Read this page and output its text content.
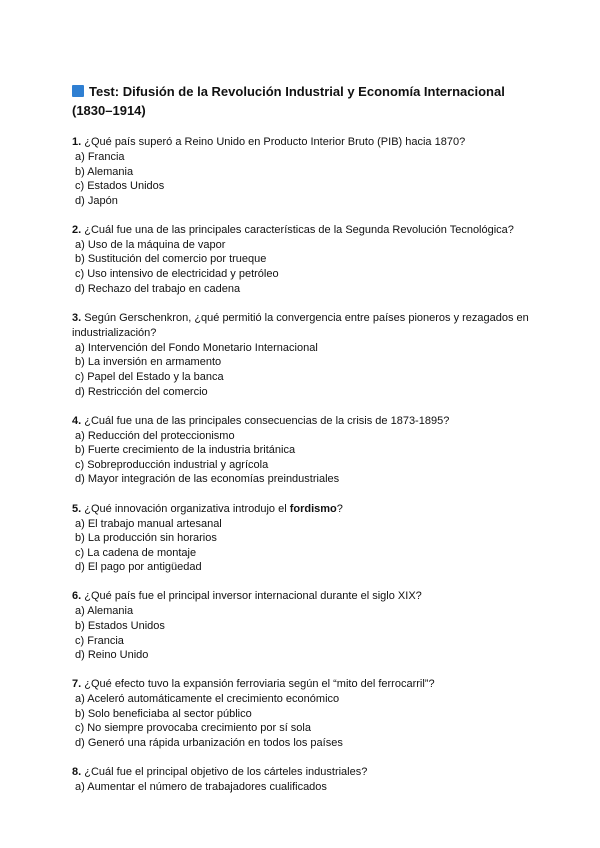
Test: Difusión de la Revolución Industrial y Economía Internacional
(1830–1914)

1. ¿Qué país superó a Reino Unido en Producto Interior Bruto (PIB) hacia 1870?

a) Francia
b) Alemania
c) Estados Unidos
d) Japón

2. ¿Cuál fue una de las principales características de la Segunda Revolución Tecnológica?

a) Uso de la máquina de vapor
b) Sustitución del comercio por trueque
c) Uso intensivo de electricidad y petróleo
d) Rechazo del trabajo en cadena

3. Según Gerschenkron, ¿qué permitió la convergencia entre países pioneros y rezagados en industrialización?

a) Intervención del Fondo Monetario Internacional
b) La inversión en armamento
c) Papel del Estado y la banca
d) Restricción del comercio

4. ¿Cuál fue una de las principales consecuencias de la crisis de 1873-1895?

a) Reducción del proteccionismo
b) Fuerte crecimiento de la industria británica
c) Sobreproducción industrial y agrícola
d) Mayor integración de las economías preindustriales

5. ¿Qué innovación organizativa introdujo el fordismo?

a) El trabajo manual artesanal
b) La producción sin horarios
c) La cadena de montaje
d) El pago por antigüedad

6. ¿Qué país fue el principal inversor internacional durante el siglo XIX?

a) Alemania
b) Estados Unidos
c) Francia
d) Reino Unido

7. ¿Qué efecto tuvo la expansión ferroviaria según el “mito del ferrocarril”?

a) Aceleró automáticamente el crecimiento económico
b) Solo beneficiaba al sector público
c) No siempre provocaba crecimiento por sí sola
d) Generó una rápida urbanización en todos los países

8. ¿Cuál fue el principal objetivo de los cárteles industriales?

a) Aumentar el número de trabajadores cualificados
